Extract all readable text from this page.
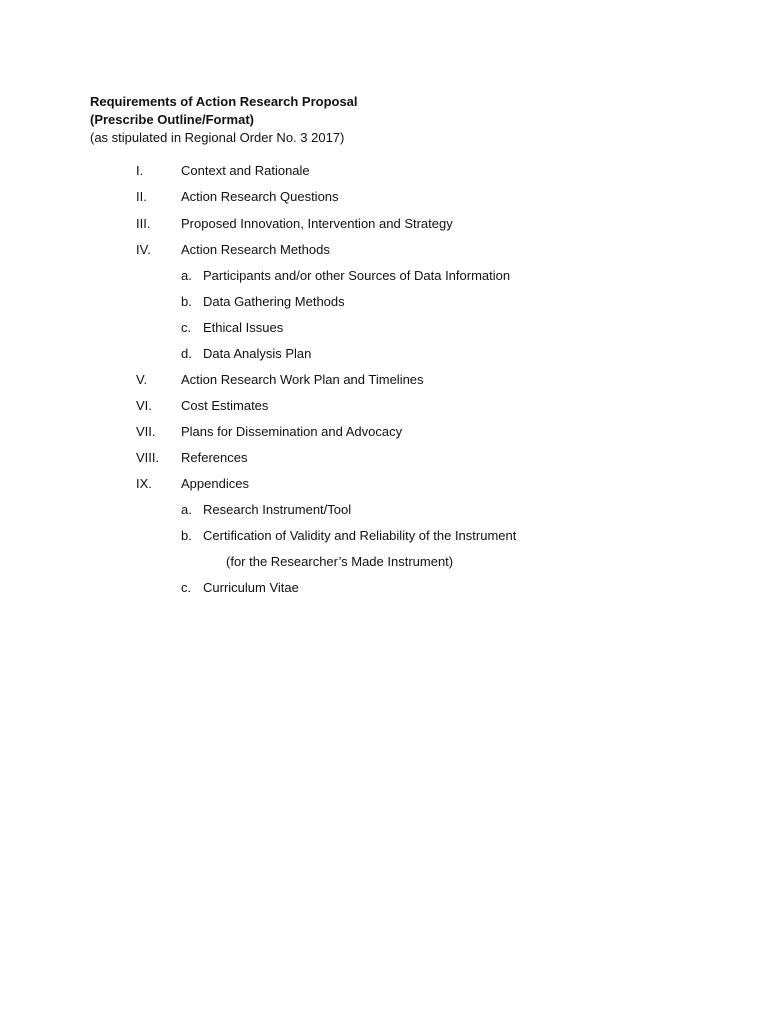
Requirements of Action Research Proposal
(Prescribe Outline/Format)
(as stipulated in Regional Order No. 3 2017)
I.	Context and Rationale
II.	Action Research Questions
III. Proposed Innovation, Intervention and Strategy
IV. Action Research Methods
a. Participants and/or other Sources of Data Information
b. Data Gathering Methods
c. Ethical Issues
d. Data Analysis Plan
V.	Action Research Work Plan and Timelines
VI. Cost Estimates
VII. Plans for Dissemination and Advocacy
VIII. References
IX. Appendices
a. Research Instrument/Tool
b. Certification of Validity and Reliability of the Instrument
(for the Researcher’s Made Instrument)
c. Curriculum Vitae
